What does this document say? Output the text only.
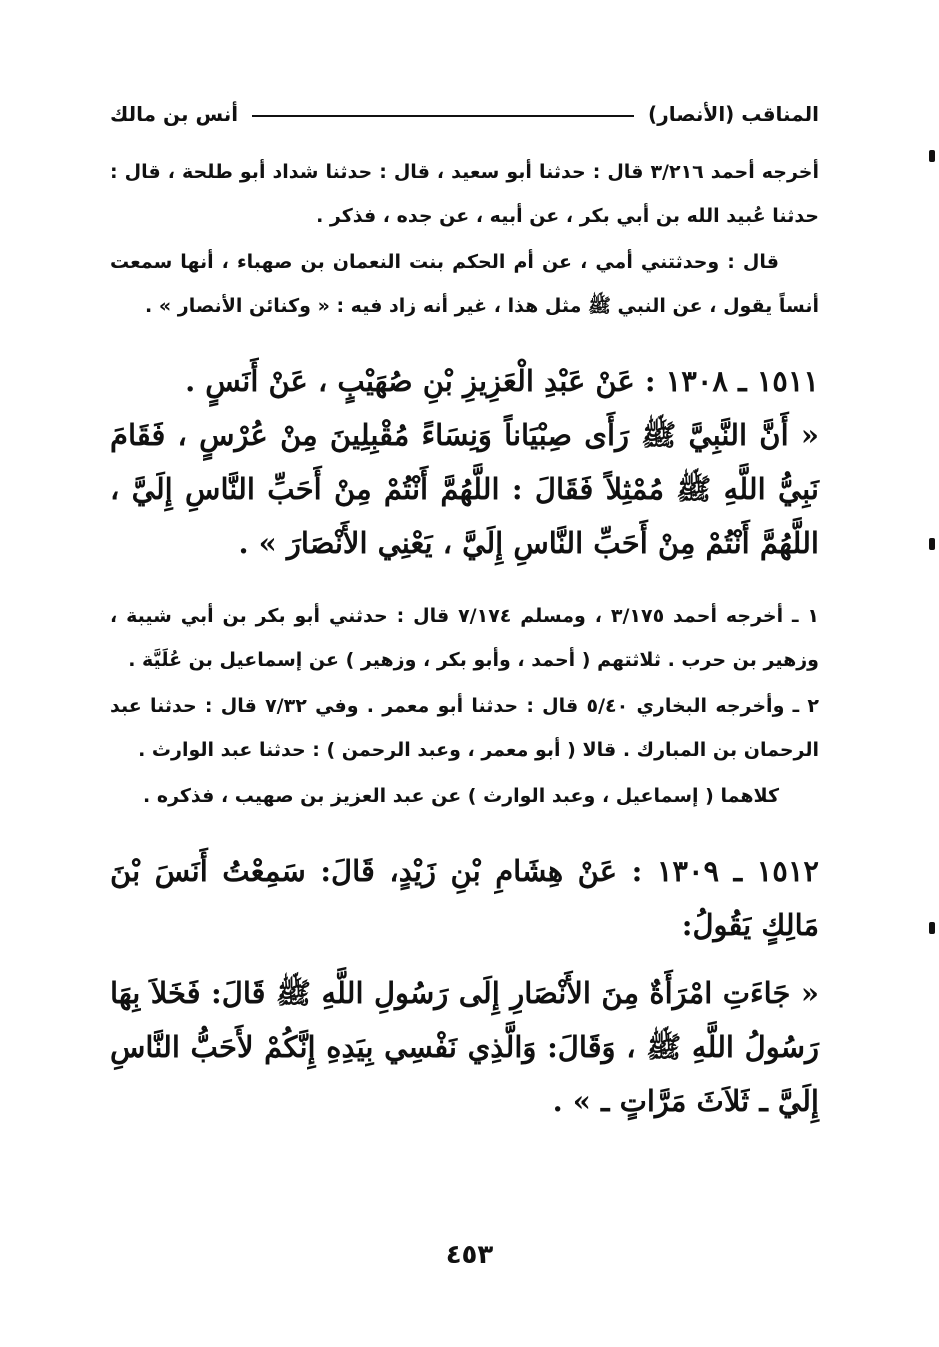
المناقب (الأنصار)
أنس بن مالك

أخرجه أحمد ٣/٢١٦ قال : حدثنا أبو سعيد ، قال : حدثنا شداد أبو طلحة ، قال : حدثنا عُبيد الله بن أبي بكر ، عن أبيه ، عن جده ، فذكر .

قال : وحدثتني أمي ، عن أم الحكم بنت النعمان بن صهباء ، أنها سمعت أنساً يقول ، عن النبي ﷺ مثل هذا ، غير أنه زاد فيه : « وكنائن الأنصار » .

١٥١١ ـ ١٣٠٨ : عَنْ عَبْدِ الْعَزِيزِ بْنِ صُهَيْبٍ ، عَنْ أَنَسٍ .

« أَنَّ النَّبِيَّ ﷺ رَأَى صِبْيَاناً وَنِسَاءً مُقْبِلِينَ مِنْ عُرْسٍ ، فَقَامَ نَبِيُّ اللَّهِ ﷺ مُمْثِلاً فَقَالَ : اللَّهُمَّ أَنْتُمْ مِنْ أَحَبِّ النَّاسِ إِلَيَّ ، اللَّهُمَّ أَنْتُمْ مِنْ أَحَبِّ النَّاسِ إِلَيَّ ، يَعْنِي الأَنْصَارَ » .

١ ـ أخرجه أحمد ٣/١٧٥ ، ومسلم ٧/١٧٤ قال : حدثني أبو بكر بن أبي شيبة ، وزهير بن حرب . ثلاثتهم ( أحمد ، وأبو بكر ، وزهير ) عن إسماعيل بن عُلَيَّة .

٢ ـ وأخرجه البخاري ٥/٤٠ قال : حدثنا أبو معمر . وفي ٧/٣٢ قال : حدثنا عبد الرحمان بن المبارك . قالا ( أبو معمر ، وعبد الرحمن ) : حدثنا عبد الوارث .

كلاهما ( إسماعيل ، وعبد الوارث ) عن عبد العزيز بن صهيب ، فذكره .

١٥١٢ ـ ١٣٠٩ : عَنْ هِشَامِ بْنِ زَيْدٍ، قَالَ: سَمِعْتُ أَنَسَ بْنَ مَالِكٍ يَقُولُ:

« جَاءَتِ امْرَأَةٌ مِنَ الأَنْصَارِ إِلَى رَسُولِ اللَّهِ ﷺ قَالَ: فَخَلاَ بِهَا رَسُولُ اللَّهِ ﷺ ، وَقَالَ: وَالَّذِي نَفْسِي بِيَدِهِ إِنَّكُمْ لأَحَبُّ النَّاسِ إِلَيَّ ـ ثَلاَثَ مَرَّاتٍ ـ » .

٤٥٣
